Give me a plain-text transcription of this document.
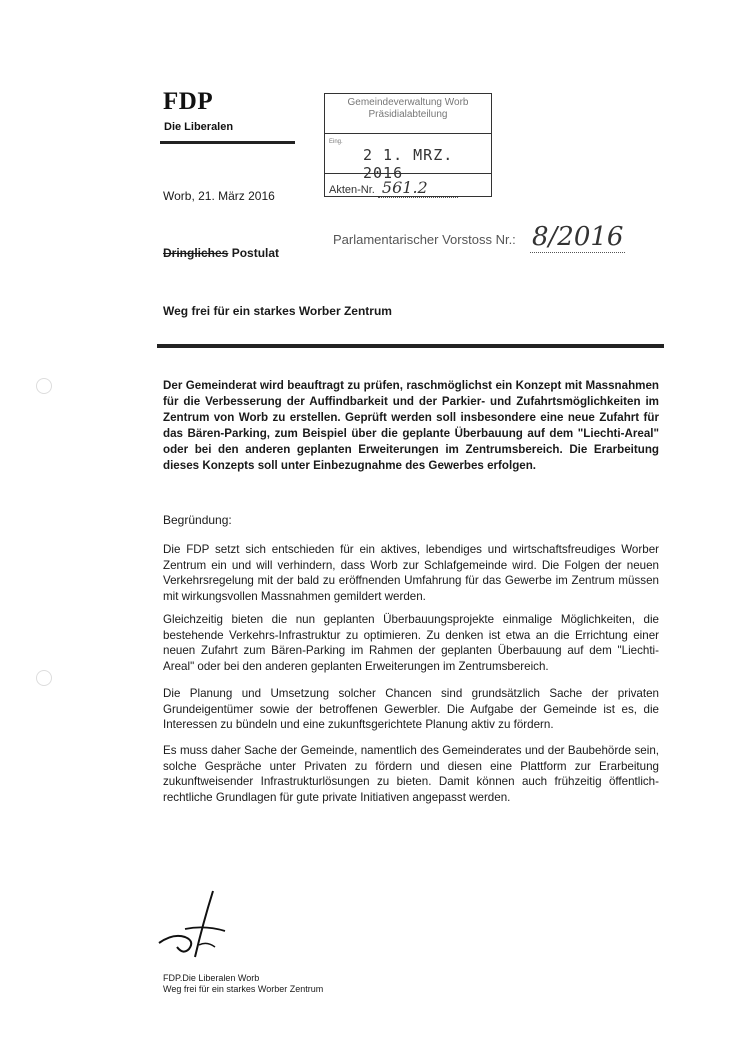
FDP
Die Liberalen
Worb, 21. März 2016
Gemeindeverwaltung Worb
Präsidialabteilung
Eing.
2 1. MRZ. 2016
Akten-Nr. 561.2
Parlamentarischer Vorstoss Nr.: 8/2016
Dringliches Postulat
Weg frei für ein starkes Worber Zentrum

Der Gemeinderat wird beauftragt zu prüfen, raschmöglichst ein Konzept mit Massnahmen für die Verbesserung der Auffindbarkeit und der Parkier- und Zufahrtsmöglichkeiten im Zentrum von Worb zu erstellen. Geprüft werden soll insbesondere eine neue Zufahrt für das Bären-Parking, zum Beispiel über die geplante Überbauung auf dem "Liechti-Areal" oder bei den anderen geplanten Erweiterungen im Zentrumsbereich. Die Erarbeitung dieses Konzepts soll unter Einbezugnahme des Gewerbes erfolgen.

Begründung:

Die FDP setzt sich entschieden für ein aktives, lebendiges und wirtschaftsfreudiges Worber Zentrum ein und will verhindern, dass Worb zur Schlafgemeinde wird. Die Folgen der neuen Verkehrsregelung mit der bald zu eröffnenden Umfahrung für das Gewerbe im Zentrum müssen mit wirkungsvollen Massnahmen gemildert werden.

Gleichzeitig bieten die nun geplanten Überbauungsprojekte einmalige Möglichkeiten, die bestehende Verkehrs-Infrastruktur zu optimieren. Zu denken ist etwa an die Errichtung einer neuen Zufahrt zum Bären-Parking im Rahmen der geplanten Überbauung auf dem "Liechti-Areal" oder bei den anderen geplanten Erweiterungen im Zentrumsbereich.

Die Planung und Umsetzung solcher Chancen sind grundsätzlich Sache der privaten Grundeigentümer sowie der betroffenen Gewerbler. Die Aufgabe der Gemeinde ist es, die Interessen zu bündeln und eine zukunftsgerichtete Planung aktiv zu fördern.

Es muss daher Sache der Gemeinde, namentlich des Gemeinderates und der Baubehörde sein, solche Gespräche unter Privaten zu fördern und diesen eine Plattform zur Erarbeitung zukunftweisender Infrastrukturlösungen zu bieten. Damit können auch frühzeitig öffentlich-rechtliche Grundlagen für gute private Initiativen angepasst werden.

FDP.Die Liberalen Worb
Weg frei für ein starkes Worber Zentrum
